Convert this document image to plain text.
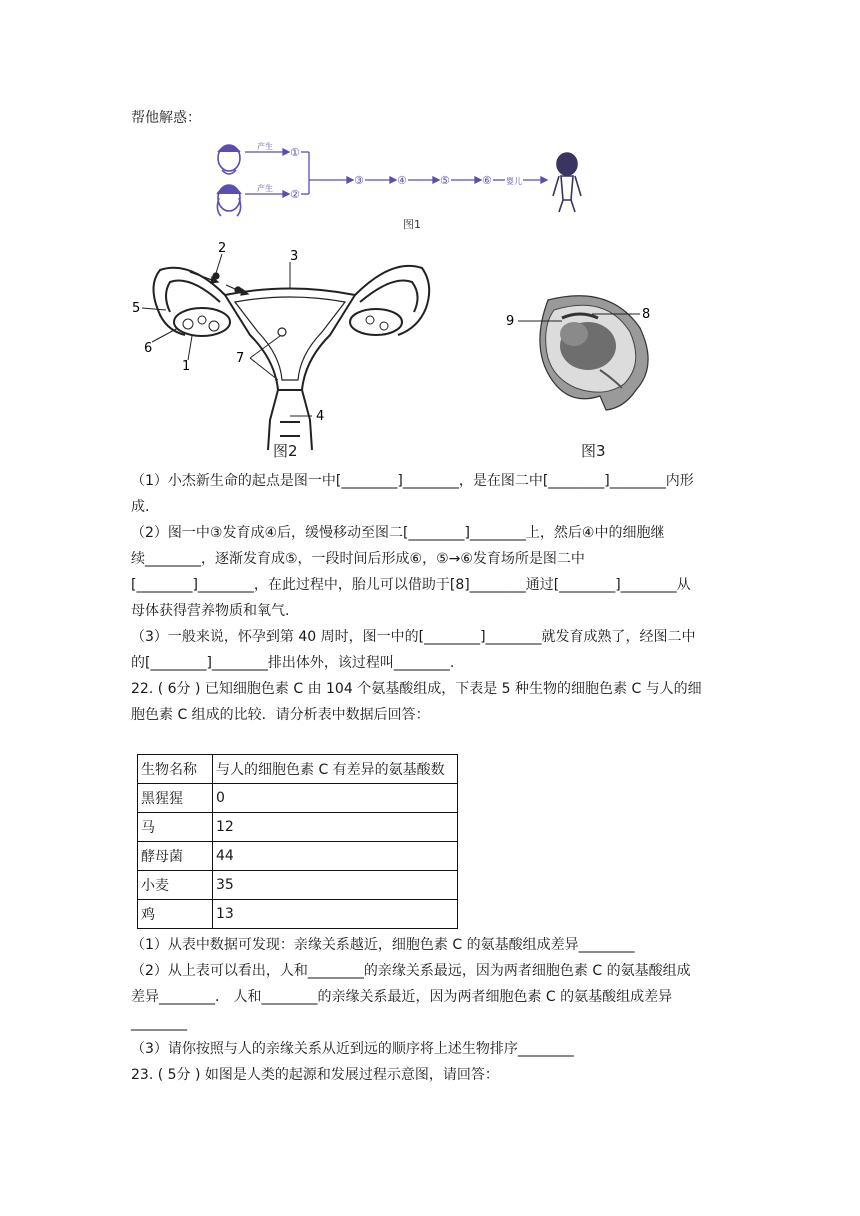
帮他解惑：
产生 ①
产生 ②
③	④	⑤	⑥ 婴儿
图1
1
2
3
4
5
6
7
图2
9	8
图3
（1）小杰新生命的起点是图一中[________]________，是在图二中[________]________内形
成.
（2）图一中③发育成④后，缓慢移动至图二[________]________上，然后④中的细胞继
续________，逐渐发育成⑤，一段时间后形成⑥，⑤→⑥发育场所是图二中
[________]________，在此过程中，胎儿可以借助于[8]________通过[________]________从
母体获得营养物质和氧气.
（3）一般来说，怀孕到第 40 周时，图一中的[________]________就发育成熟了，经图二中
的[________]________排出体外，该过程叫________.
22. ( 6分 ) 已知细胞色素 C 由 104 个氨基酸组成，下表是 5 种生物的细胞色素 C 与人的细
胞色素 C 组成的比较．请分析表中数据后回答：
生物名称	与人的细胞色素 C 有差异的氨基酸数
黑猩猩	0
马	12
酵母菌	44
小麦	35
鸡	13
（1）从表中数据可发现：亲缘关系越近，细胞色素 C 的氨基酸组成差异________
（2）从上表可以看出，人和________的亲缘关系最远，因为两者细胞色素 C 的氨基酸组成
差异________． 人和________的亲缘关系最近，因为两者细胞色素 C 的氨基酸组成差异
________
（3）请你按照与人的亲缘关系从近到远的顺序将上述生物排序________
23. ( 5分 ) 如图是人类的起源和发展过程示意图，请回答：
